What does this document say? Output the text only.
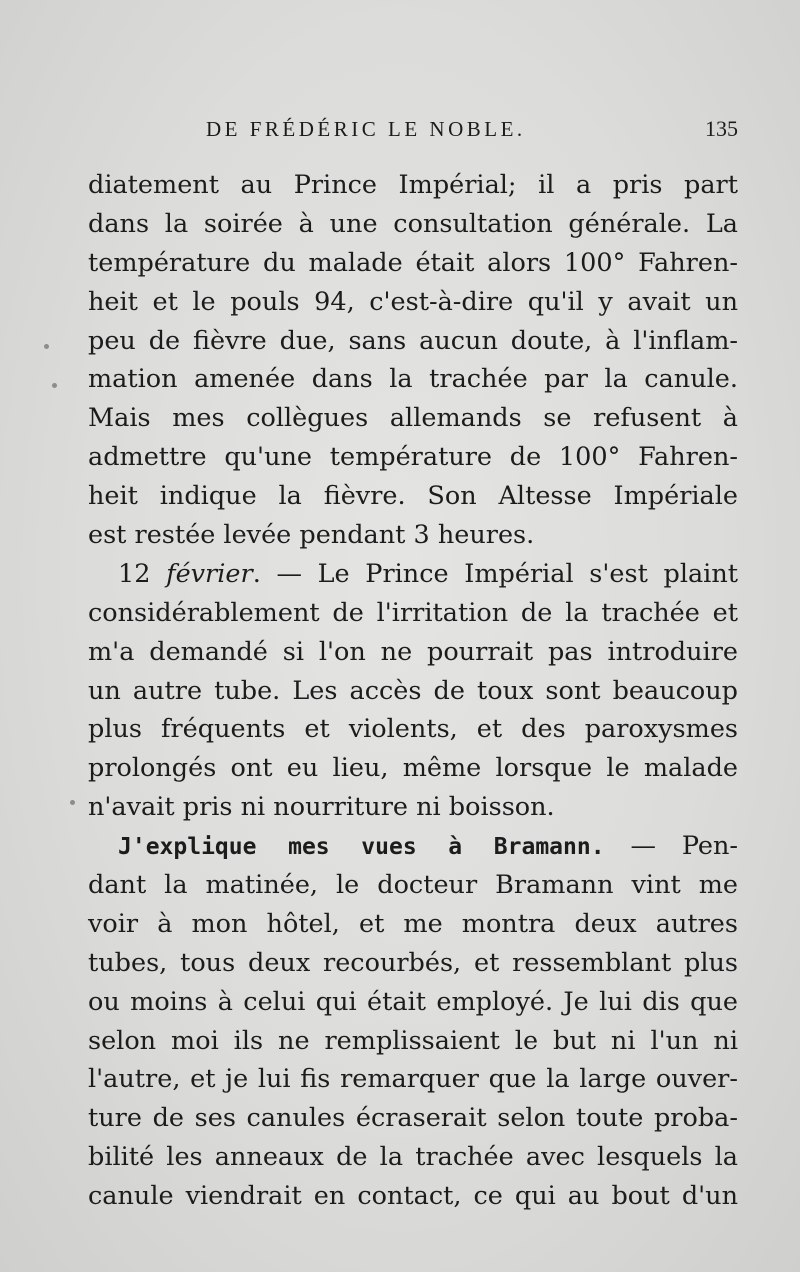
DE FRÉDÉRIC LE NOBLE.	135
diatement au Prince Impérial; il a pris part
dans la soirée à une consultation générale. La
température du malade était alors 100° Fahren-
heit et le pouls 94, c'est-à-dire qu'il y avait un
peu de fièvre due, sans aucun doute, à l'inflam-
mation amenée dans la trachée par la canule.
Mais mes collègues allemands se refusent à
admettre qu'une température de 100° Fahren-
heit indique la fièvre. Son Altesse Impériale
est restée levée pendant 3 heures.
12 février. — Le Prince Impérial s'est plaint
considérablement de l'irritation de la trachée et
m'a demandé si l'on ne pourrait pas introduire
un autre tube. Les accès de toux sont beaucoup
plus fréquents et violents, et des paroxysmes
prolongés ont eu lieu, même lorsque le malade
n'avait pris ni nourriture ni boisson.
J'explique mes vues à Bramann. — Pen-
dant la matinée, le docteur Bramann vint me
voir à mon hôtel, et me montra deux autres
tubes, tous deux recourbés, et ressemblant plus
ou moins à celui qui était employé. Je lui dis que
selon moi ils ne remplissaient le but ni l'un ni
l'autre, et je lui fis remarquer que la large ouver-
ture de ses canules écraserait selon toute proba-
bilité les anneaux de la trachée avec lesquels la
canule viendrait en contact, ce qui au bout d'un
